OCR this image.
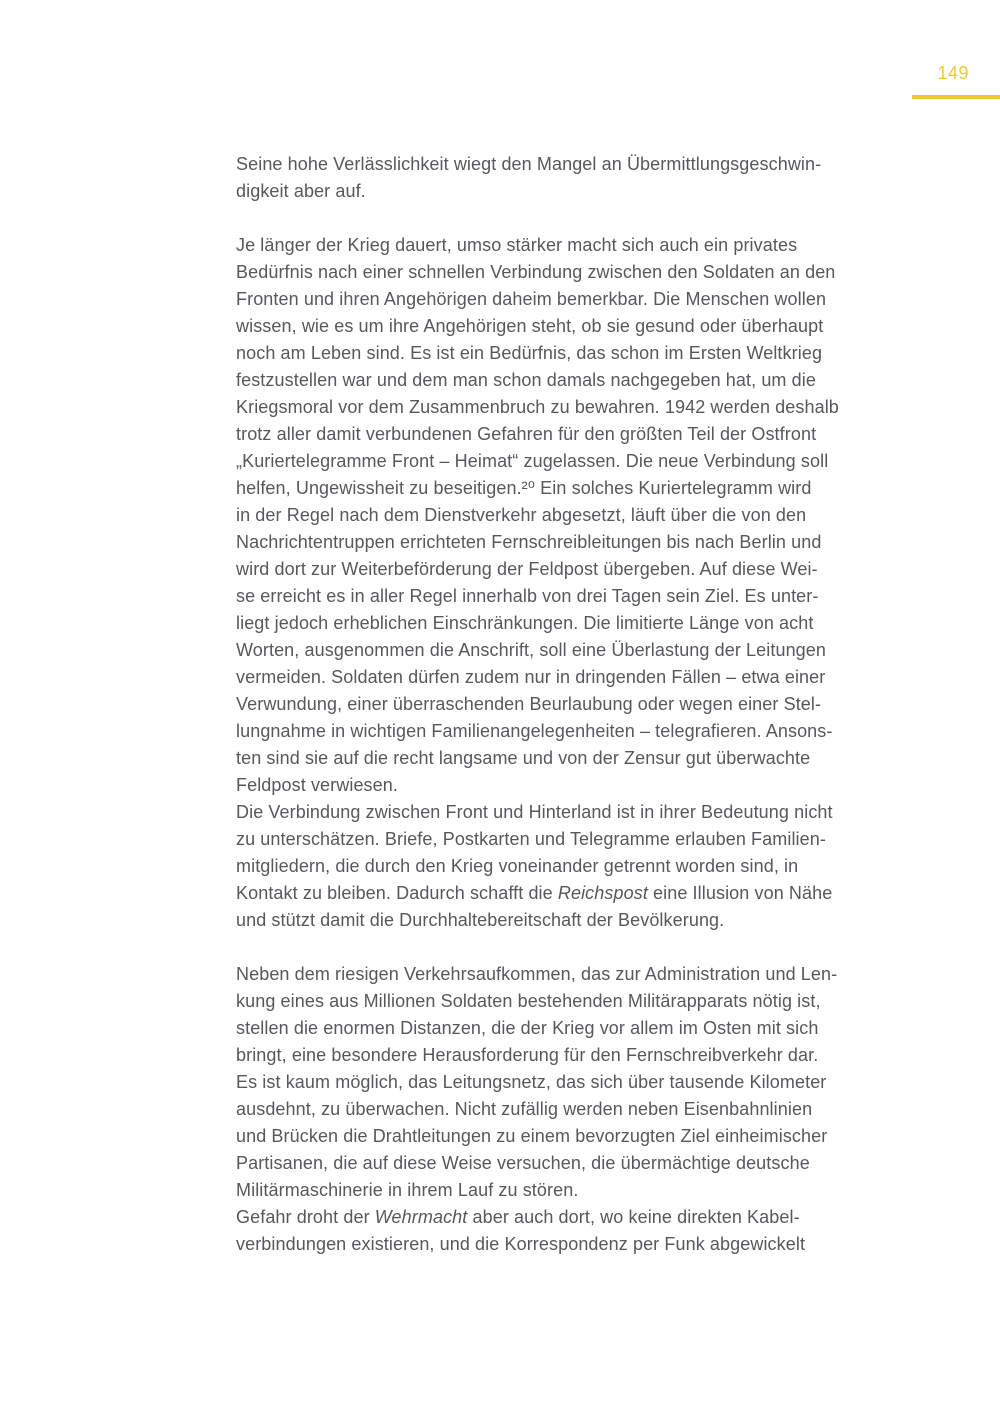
149
Seine hohe Verlässlichkeit wiegt den Mangel an Übermittlungsgeschwin-
digkeit aber auf.
Je länger der Krieg dauert, umso stärker macht sich auch ein privates
Bedürfnis nach einer schnellen Verbindung zwischen den Soldaten an den
Fronten und ihren Angehörigen daheim bemerkbar. Die Menschen wollen
wissen, wie es um ihre Angehörigen steht, ob sie gesund oder überhaupt
noch am Leben sind. Es ist ein Bedürfnis, das schon im Ersten Weltkrieg
festzustellen war und dem man schon damals nachgegeben hat, um die
Kriegsmoral vor dem Zusammenbruch zu bewahren. 1942 werden deshalb
trotz aller damit verbundenen Gefahren für den größten Teil der Ostfront
„Kuriertelegramme Front – Heimat“ zugelassen. Die neue Verbindung soll
helfen, Ungewissheit zu beseitigen.²⁰ Ein solches Kuriertelegramm wird
in der Regel nach dem Dienstverkehr abgesetzt, läuft über die von den
Nachrichtentruppen errichteten Fernschreibleitungen bis nach Berlin und
wird dort zur Weiterbeförderung der Feldpost übergeben. Auf diese Wei-
se erreicht es in aller Regel innerhalb von drei Tagen sein Ziel. Es unter-
liegt jedoch erheblichen Einschränkungen. Die limitierte Länge von acht
Worten, ausgenommen die Anschrift, soll eine Überlastung der Leitungen
vermeiden. Soldaten dürfen zudem nur in dringenden Fällen – etwa einer
Verwundung, einer überraschenden Beurlaubung oder wegen einer Stel-
lungnahme in wichtigen Familienangelegenheiten – telegrafieren. Ansons-
ten sind sie auf die recht langsame und von der Zensur gut überwachte
Feldpost verwiesen.
Die Verbindung zwischen Front und Hinterland ist in ihrer Bedeutung nicht
zu unterschätzen. Briefe, Postkarten und Telegramme erlauben Familien-
mitgliedern, die durch den Krieg voneinander getrennt worden sind, in
Kontakt zu bleiben. Dadurch schafft die Reichspost eine Illusion von Nähe
und stützt damit die Durchhaltebereitschaft der Bevölkerung.
Neben dem riesigen Verkehrsaufkommen, das zur Administration und Len-
kung eines aus Millionen Soldaten bestehenden Militärapparats nötig ist,
stellen die enormen Distanzen, die der Krieg vor allem im Osten mit sich
bringt, eine besondere Herausforderung für den Fernschreibverkehr dar.
Es ist kaum möglich, das Leitungsnetz, das sich über tausende Kilometer
ausdehnt, zu überwachen. Nicht zufällig werden neben Eisenbahnlinien
und Brücken die Drahtleitungen zu einem bevorzugten Ziel einheimischer
Partisanen, die auf diese Weise versuchen, die übermächtige deutsche
Militärmaschinerie in ihrem Lauf zu stören.
Gefahr droht der Wehrmacht aber auch dort, wo keine direkten Kabel-
verbindungen existieren, und die Korrespondenz per Funk abgewickelt
